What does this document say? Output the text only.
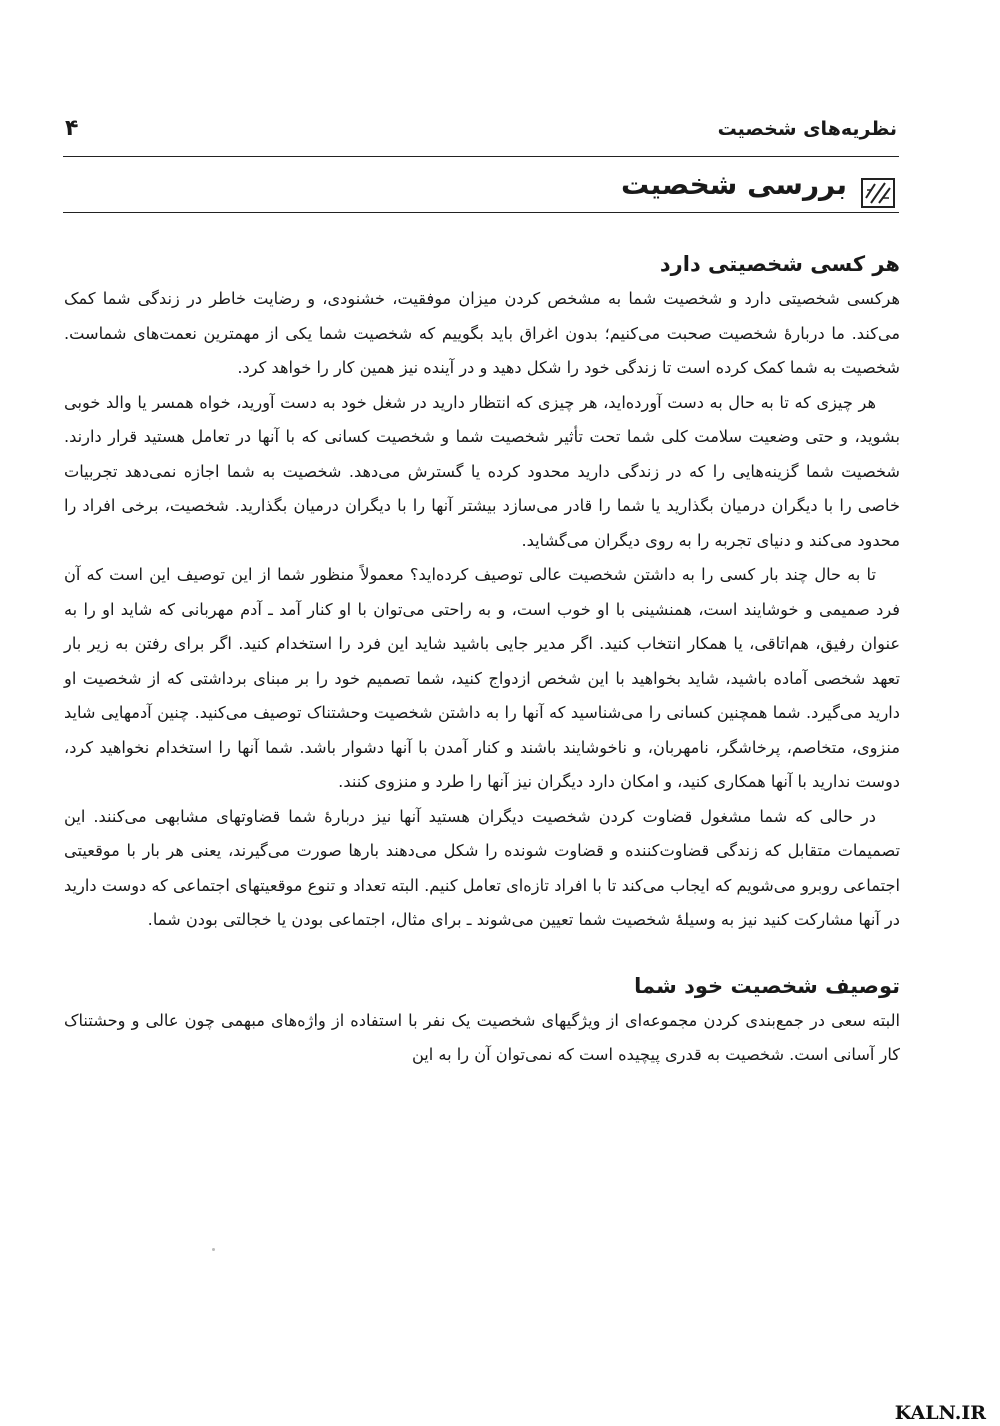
نظریه‌های شخصیت
۴
بررسی شخصیت
هر کسی شخصیتی دارد

هرکسی شخصیتی دارد و شخصیت شما به مشخص کردن میزان موفقیت، خشنودی، و رضایت خاطر در زندگی شما کمک می‌کند. ما دربارهٔ شخصیت صحبت می‌کنیم؛ بدون اغراق باید بگوییم که شخصیت شما یکی از مهمترین نعمت‌های شماست. شخصیت به شما کمک کرده است تا زندگی خود را شکل دهید و در آینده نیز همین کار را خواهد کرد.

هر چیزی که تا به حال به دست آورده‌اید، هر چیزی که انتظار دارید در شغل خود به دست آورید، خواه همسر یا والد خوبی بشوید، و حتی وضعیت سلامت کلی شما تحت تأثیر شخصیت شما و شخصیت کسانی که با آنها در تعامل هستید قرار دارند. شخصیت شما گزینه‌هایی را که در زندگی دارید محدود کرده یا گسترش می‌دهد. شخصیت به شما اجازه نمی‌دهد تجربیات خاصی را با دیگران درمیان بگذارید یا شما را قادر می‌سازد بیشتر آنها را با دیگران درمیان بگذارید. شخصیت، برخی افراد را محدود می‌کند و دنیای تجربه را به روی دیگران می‌گشاید.

تا به حال چند بار کسی را به داشتن شخصیت عالی توصیف کرده‌اید؟ معمولاً منظور شما از این توصیف این است که آن فرد صمیمی و خوشایند است، همنشینی با او خوب است، و به راحتی می‌توان با او کنار آمد ـ آدم مهربانی که شاید او را به عنوان رفیق، هم‌اتاقی، یا همکار انتخاب کنید. اگر مدیر جایی باشید شاید این فرد را استخدام کنید. اگر برای رفتن به زیر بار تعهد شخصی آماده باشید، شاید بخواهید با این شخص ازدواج کنید، شما تصمیم خود را بر مبنای برداشتی که از شخصیت او دارید می‌گیرد. شما همچنین کسانی را می‌شناسید که آنها را به داشتن شخصیت وحشتناک توصیف می‌کنید. چنین آدمهایی شاید منزوی، متخاصم، پرخاشگر، نامهربان، و ناخوشایند باشند و کنار آمدن با آنها دشوار باشد. شما آنها را استخدام نخواهید کرد، دوست ندارید با آنها همکاری کنید، و امکان دارد دیگران نیز آنها را طرد و منزوی کنند.

در حالی که شما مشغول قضاوت کردن شخصیت دیگران هستید آنها نیز دربارهٔ شما قضاوتهای مشابهی می‌کنند. این تصمیمات متقابل که زندگی قضاوت‌کننده و قضاوت شونده را شکل می‌دهند بارها صورت می‌گیرند، یعنی هر بار با موقعیتی اجتماعی روبرو می‌شویم که ایجاب می‌کند تا با افراد تازه‌ای تعامل کنیم. البته تعداد و تنوع موقعیتهای اجتماعی که دوست دارید در آنها مشارکت کنید نیز به وسیلهٔ شخصیت شما تعیین می‌شوند ـ برای مثال، اجتماعی بودن یا خجالتی بودن شما.

توصیف شخصیت خود شما

البته سعی در جمع‌بندی کردن مجموعه‌ای از ویژگیهای شخصیت یک نفر با استفاده از واژه‌های مبهمی چون عالی و وحشتناک کار آسانی است. شخصیت به قدری پیچیده است که نمی‌توان آن را به این

KALN.IR
